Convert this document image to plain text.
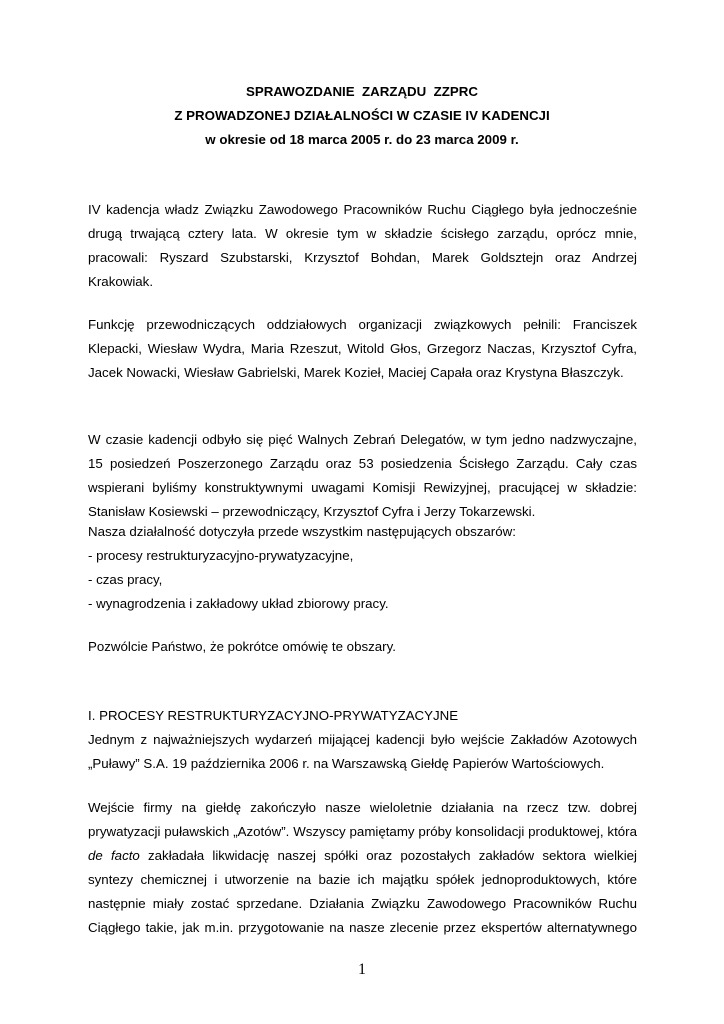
SPRAWOZDANIE  ZARZĄDU  ZZPRC
Z PROWADZONEJ DZIAŁALNOŚCI W CZASIE IV KADENCJI
w okresie od 18 marca 2005 r. do 23 marca 2009 r.
IV kadencja władz Związku Zawodowego Pracowników Ruchu Ciągłego była jednocześnie
drugą trwającą cztery lata. W okresie tym w składzie ścisłego zarządu, oprócz mnie,
pracowali: Ryszard Szubstarski, Krzysztof Bohdan, Marek Goldsztejn oraz Andrzej
Krakowiak.
Funkcję przewodniczących oddziałowych organizacji związkowych pełnili: Franciszek
Klepacki, Wiesław Wydra, Maria Rzeszut, Witold Głos, Grzegorz Naczas, Krzysztof Cyfra,
Jacek Nowacki, Wiesław Gabrielski, Marek Kozieł, Maciej Capała oraz Krystyna Błaszczyk.
W czasie kadencji odbyło się pięć Walnych Zebrań Delegatów, w tym jedno nadzwyczajne,
15 posiedzeń Poszerzonego Zarządu oraz 53 posiedzenia Ścisłego Zarządu. Cały czas
wspierani byliśmy konstruktywnymi uwagami Komisji Rewizyjnej, pracującej w składzie:
Stanisław Kosiewski – przewodniczący, Krzysztof Cyfra i Jerzy Tokarzewski.
Nasza działalność dotyczyła przede wszystkim następujących obszarów:
- procesy restrukturyzacyjno-prywatyzacyjne,
- czas pracy,
- wynagrodzenia i zakładowy układ zbiorowy pracy.
Pozwólcie Państwo, że pokrótce omówię te obszary.
I. PROCESY RESTRUKTURYZACYJNO-PRYWATYZACYJNE
Jednym z najważniejszych wydarzeń mijającej kadencji było wejście Zakładów Azotowych
„Puławy” S.A. 19 października 2006 r. na Warszawską Giełdę Papierów Wartościowych.
Wejście firmy na giełdę zakończyło nasze wieloletnie działania na rzecz tzw. dobrej
prywatyzacji puławskich „Azotów”. Wszyscy pamiętamy próby konsolidacji produktowej, która
de facto zakładała likwidację naszej spółki oraz pozostałych zakładów sektora wielkiej
syntezy chemicznej i utworzenie na bazie ich majątku spółek jednoproduktowych, które
następnie miały zostać sprzedane. Działania Związku Zawodowego Pracowników Ruchu
Ciągłego takie, jak m.in. przygotowanie na nasze zlecenie przez ekspertów alternatywnego
1
